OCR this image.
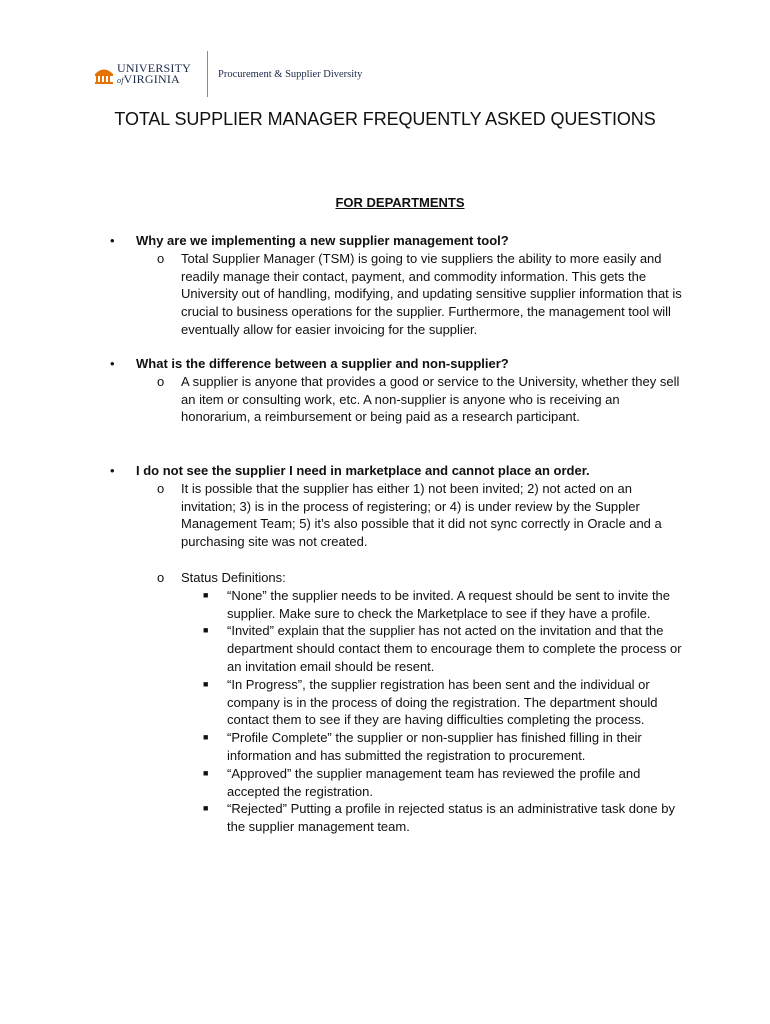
UNIVERSITY
ofVIRGINIA	Procurement & Supplier Diversity
TOTAL SUPPLIER MANAGER FREQUENTLY ASKED QUESTIONS
FOR DEPARTMENTS
• Why are we implementing a new supplier management tool?
o Total Supplier Manager (TSM) is going to vie suppliers the ability to more easily and readily manage their contact, payment, and commodity information. This gets the University out of handling, modifying, and updating sensitive supplier information that is crucial to business operations for the supplier. Furthermore, the management tool will eventually allow for easier invoicing for the supplier.
• What is the difference between a supplier and non-supplier?
o A supplier is anyone that provides a good or service to the University, whether they sell an item or consulting work, etc. A non-supplier is anyone who is receiving an honorarium, a reimbursement or being paid as a research participant.
• I do not see the supplier I need in marketplace and cannot place an order.
o It is possible that the supplier has either 1) not been invited; 2) not acted on an invitation; 3) is in the process of registering; or 4) is under review by the Suppler Management Team; 5) it’s also possible that it did not sync correctly in Oracle and a purchasing site was not created.
o Status Definitions:
■ “None” the supplier needs to be invited. A request should be sent to invite the supplier. Make sure to check the Marketplace to see if they have a profile.
■ “Invited” explain that the supplier has not acted on the invitation and that the department should contact them to encourage them to complete the process or an invitation email should be resent.
■ “In Progress”, the supplier registration has been sent and the individual or company is in the process of doing the registration. The department should contact them to see if they are having difficulties completing the process.
■ “Profile Complete” the supplier or non-supplier has finished filling in their information and has submitted the registration to procurement.
■ “Approved” the supplier management team has reviewed the profile and accepted the registration.
■ “Rejected” Putting a profile in rejected status is an administrative task done by the supplier management team.
